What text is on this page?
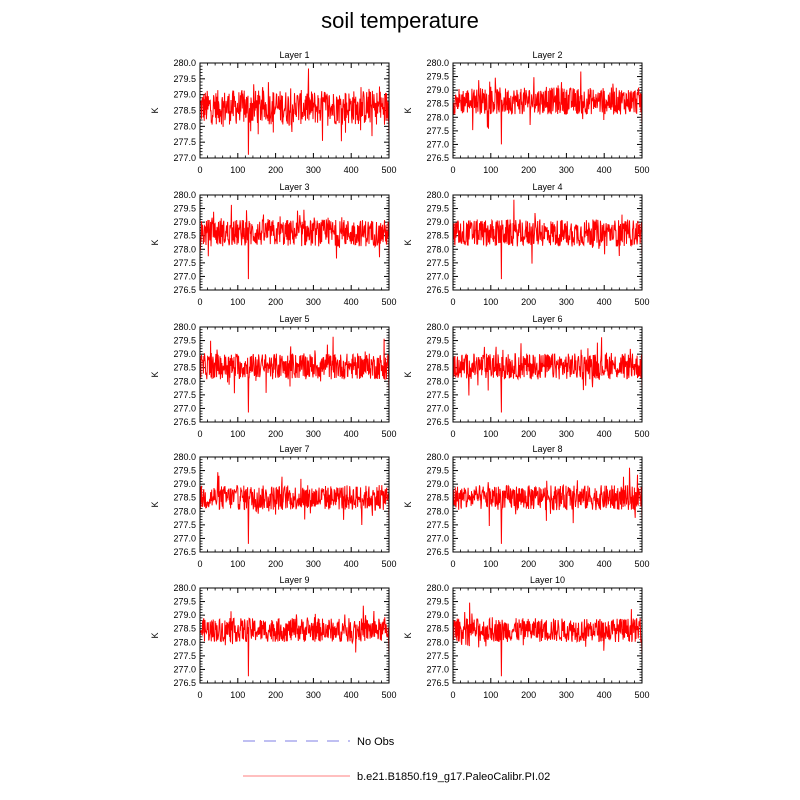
soil temperature
Layer 1
K
277.0
277.5
278.0
278.5
279.0
279.5
280.0
0	100	200	300	400	500
Layer 2
K
276.5
277.0
277.5
278.0
278.5
279.0
279.5
280.0
0	100	200	300	400	500
Layer 3
K
276.5
277.0
277.5
278.0
278.5
279.0
279.5
280.0
0	100	200	300	400	500
Layer 4
K
276.5
277.0
277.5
278.0
278.5
279.0
279.5
280.0
0	100	200	300	400	500
Layer 5
K
276.5
277.0
277.5
278.0
278.5
279.0
279.5
280.0
0	100	200	300	400	500
Layer 6
K
276.5
277.0
277.5
278.0
278.5
279.0
279.5
280.0
0	100	200	300	400	500
Layer 7
K
276.5
277.0
277.5
278.0
278.5
279.0
279.5
280.0
0	100	200	300	400	500
Layer 8
K
276.5
277.0
277.5
278.0
278.5
279.0
279.5
280.0
0	100	200	300	400	500
Layer 9
K
276.5
277.0
277.5
278.0
278.5
279.0
279.5
280.0
0	100	200	300	400	500
Layer 10
K
276.5
277.0
277.5
278.0
278.5
279.0
279.5
280.0
0	100	200	300	400	500
No Obs
b.e21.B1850.f19_g17.PaleoCalibr.PI.02
